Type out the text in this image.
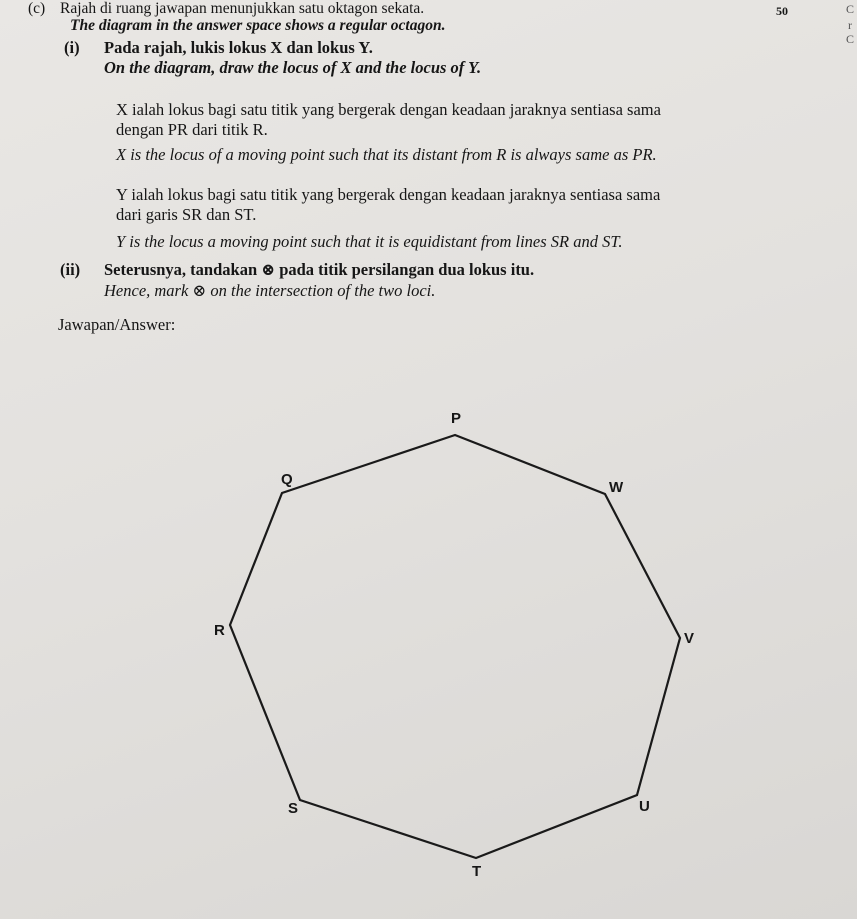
50	C
r
C
(c) Rajah di ruang jawapan menunjukkan satu oktagon sekata.
The diagram in the answer space shows a regular octagon.
(i) Pada rajah, lukis lokus X dan lokus Y.
On the diagram, draw the locus of X and the locus of Y.
X ialah lokus bagi satu titik yang bergerak dengan keadaan jaraknya sentiasa sama
dengan PR dari titik R.
X is the locus of a moving point such that its distant from R is always same as PR.
Y ialah lokus bagi satu titik yang bergerak dengan keadaan jaraknya sentiasa sama
dari garis SR dan ST.
Y is the locus a moving point such that it is equidistant from lines SR and ST.
(ii) Seterusnya, tandakan ⊗ pada titik persilangan dua lokus itu.
Hence, mark ⊗ on the intersection of the two loci.
Jawapan/Answer:
P
W
V
U
T
S
R
Q
